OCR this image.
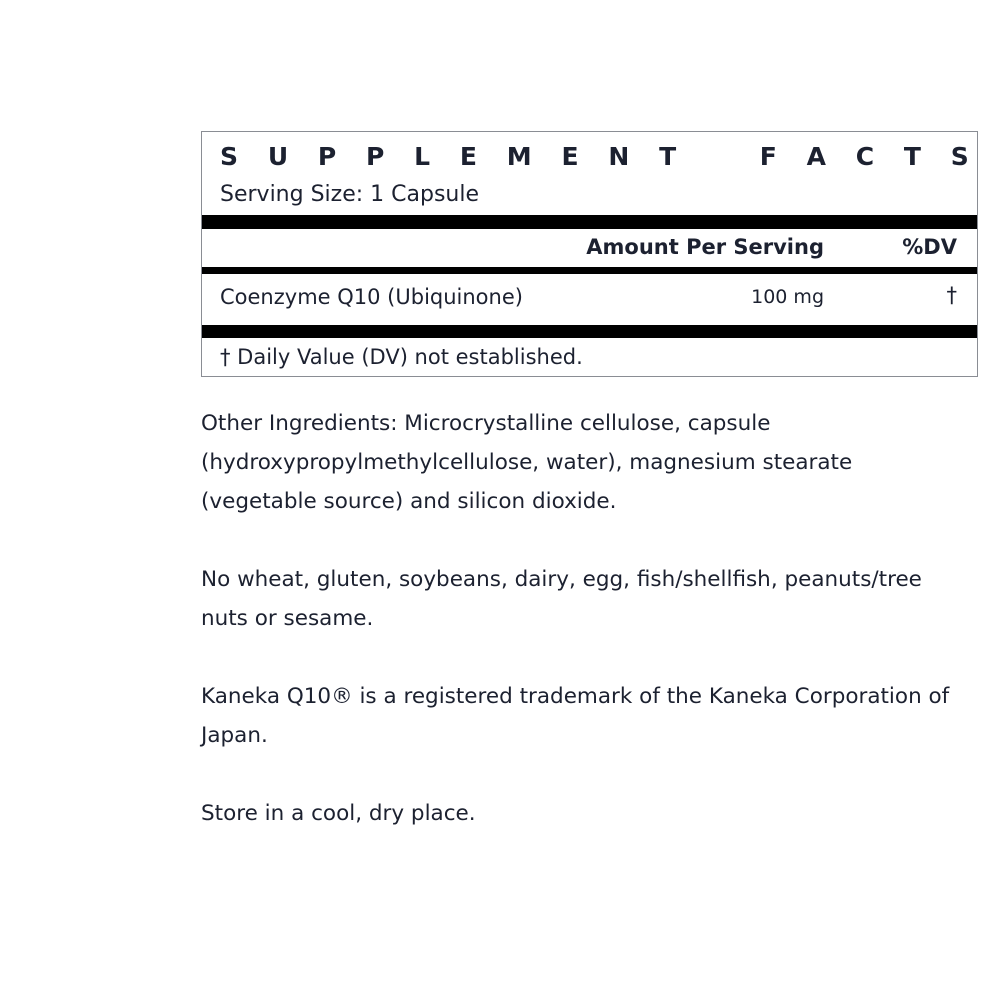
S U P P L E M E N T	F A C T S
Serving Size: 1 Capsule
Amount Per Serving	%DV
Coenzyme Q10 (Ubiquinone)	100 mg	†
† Daily Value (DV) not established.

Other Ingredients: Microcrystalline cellulose, capsule (hydroxypropylmethylcellulose, water), magnesium stearate (vegetable source) and silicon dioxide.

No wheat, gluten, soybeans, dairy, egg, fish/shellfish, peanuts/tree nuts or sesame.

Kaneka Q10® is a registered trademark of the Kaneka Corporation of Japan.

Store in a cool, dry place.
